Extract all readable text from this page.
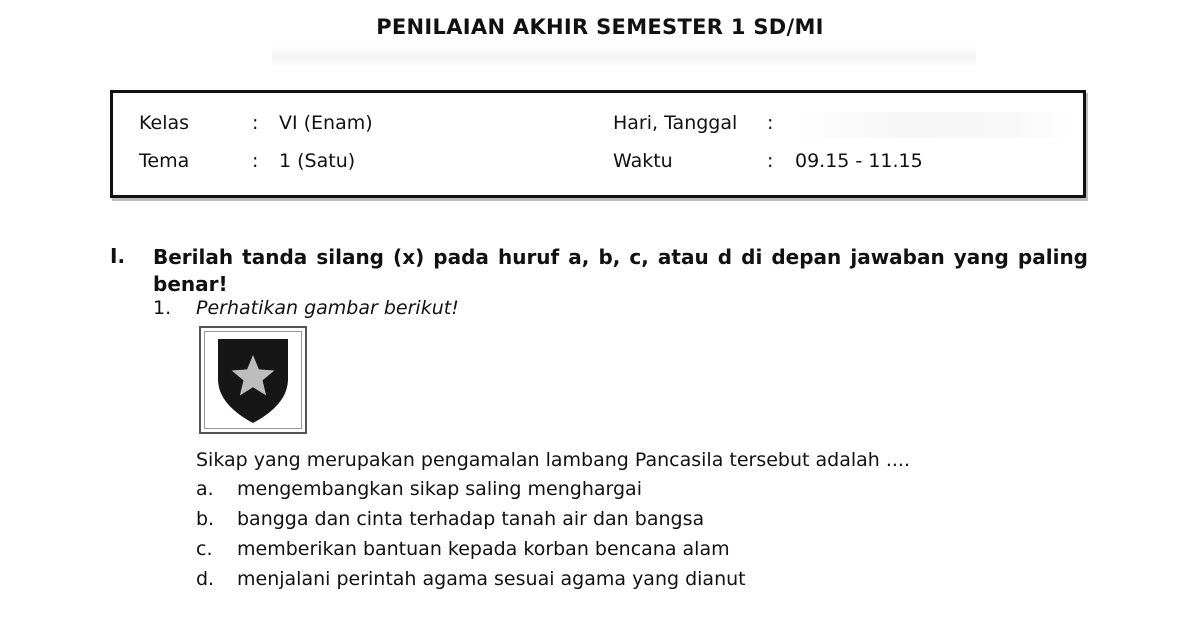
PENILAIAN AKHIR SEMESTER 1 SD/MI
Kelas	: VI (Enam)
Tema	: 1 (Satu)
Hari, Tanggal :
Waktu	: 09.15 - 11.15
I. Berilah tanda silang (x) pada huruf a, b, c, atau d di depan jawaban yang paling benar!
1. Perhatikan gambar berikut!
Sikap yang merupakan pengamalan lambang Pancasila tersebut adalah ....
a. mengembangkan sikap saling menghargai
b. bangga dan cinta terhadap tanah air dan bangsa
c. memberikan bantuan kepada korban bencana alam
d. menjalani perintah agama sesuai agama yang dianut
